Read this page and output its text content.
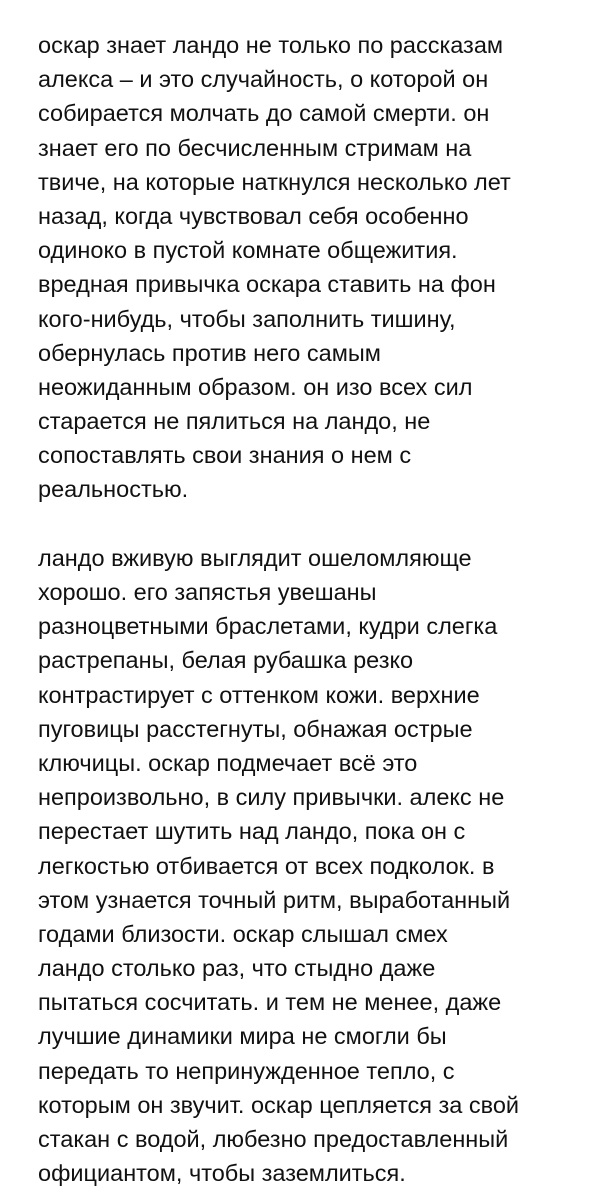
оскар знает ландо не только по рассказам
алекса – и это случайность, о которой он
собирается молчать до самой смерти. он
знает его по бесчисленным стримам на
твиче, на которые наткнулся несколько лет
назад, когда чувствовал себя особенно
одиноко в пустой комнате общежития.
вредная привычка оскара ставить на фон
кого-нибудь, чтобы заполнить тишину,
обернулась против него самым
неожиданным образом. он изо всех сил
старается не пялиться на ландо, не
сопоставлять свои знания о нем с
реальностью.
ландо вживую выглядит ошеломляюще
хорошо. его запястья увешаны
разноцветными браслетами, кудри слегка
растрепаны, белая рубашка резко
контрастирует с оттенком кожи. верхние
пуговицы расстегнуты, обнажая острые
ключицы. оскар подмечает всё это
непроизвольно, в силу привычки. алекс не
перестает шутить над ландо, пока он с
легкостью отбивается от всех подколок. в
этом узнается точный ритм, выработанный
годами близости. оскар слышал смех
ландо столько раз, что стыдно даже
пытаться сосчитать. и тем не менее, даже
лучшие динамики мира не смогли бы
передать то непринужденное тепло, с
которым он звучит. оскар цепляется за свой
стакан с водой, любезно предоставленный
официантом, чтобы заземлиться.
